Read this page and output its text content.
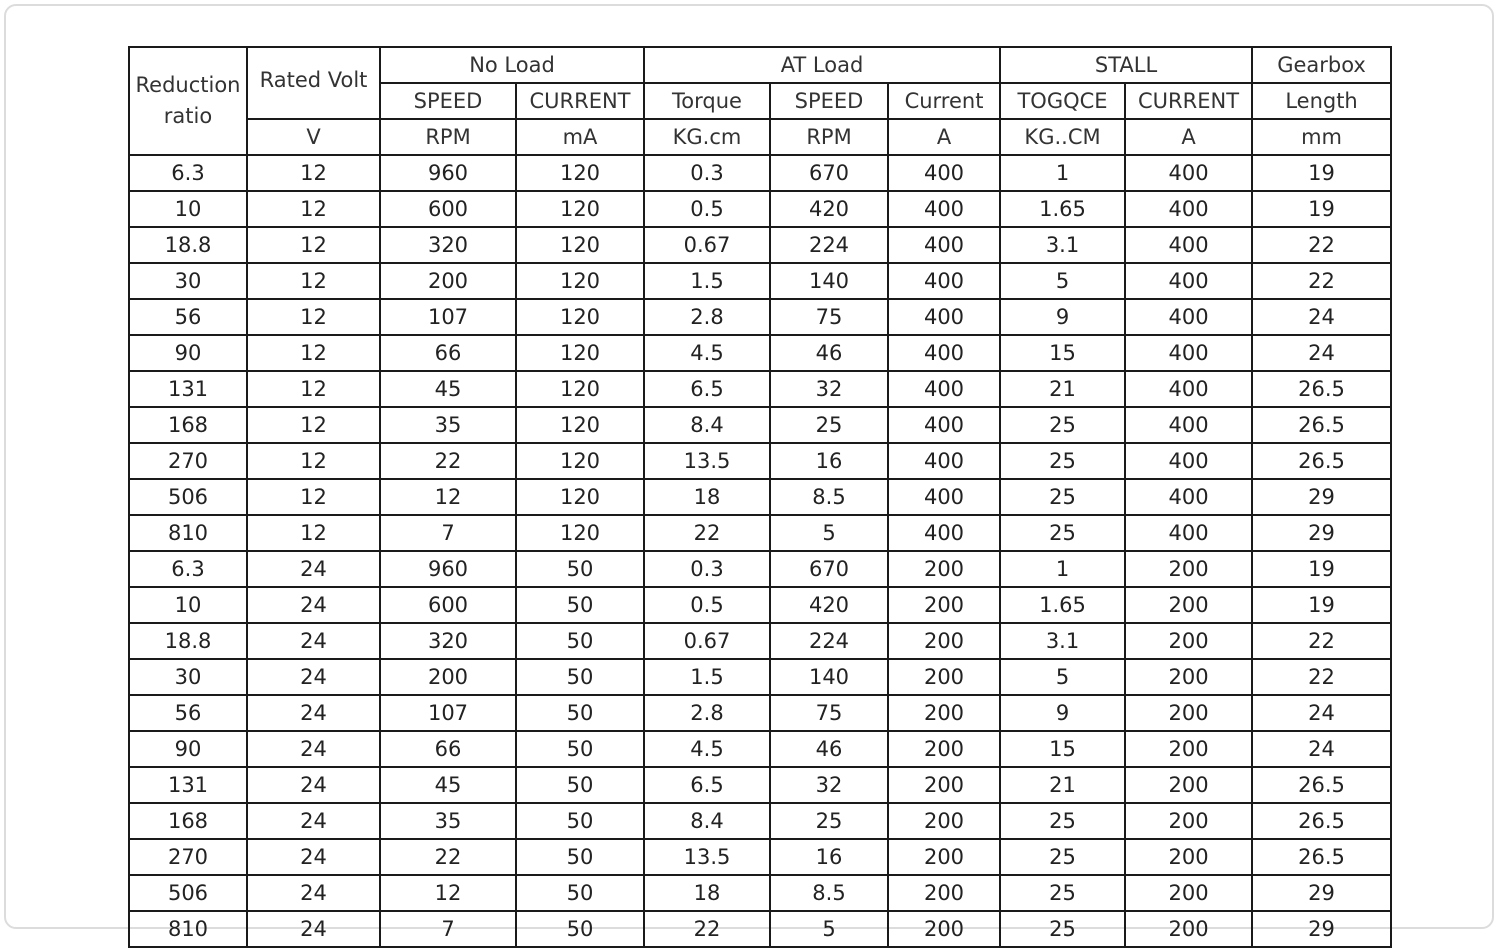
Reduction ratio	Rated Volt	No Load		AT Load			STALL		Gearbox
		SPEED	CURRENT	Torque	SPEED	Current	TOGQCE	CURRENT	Length
	V	RPM	mA	KG.cm	RPM	A	KG..CM	A	mm
6.3	12	960	120	0.3	670	400	1	400	19
10	12	600	120	0.5	420	400	1.65	400	19
18.8	12	320	120	0.67	224	400	3.1	400	22
30	12	200	120	1.5	140	400	5	400	22
56	12	107	120	2.8	75	400	9	400	24
90	12	66	120	4.5	46	400	15	400	24
131	12	45	120	6.5	32	400	21	400	26.5
168	12	35	120	8.4	25	400	25	400	26.5
270	12	22	120	13.5	16	400	25	400	26.5
506	12	12	120	18	8.5	400	25	400	29
810	12	7	120	22	5	400	25	400	29
6.3	24	960	50	0.3	670	200	1	200	19
10	24	600	50	0.5	420	200	1.65	200	19
18.8	24	320	50	0.67	224	200	3.1	200	22
30	24	200	50	1.5	140	200	5	200	22
56	24	107	50	2.8	75	200	9	200	24
90	24	66	50	4.5	46	200	15	200	24
131	24	45	50	6.5	32	200	21	200	26.5
168	24	35	50	8.4	25	200	25	200	26.5
270	24	22	50	13.5	16	200	25	200	26.5
506	24	12	50	18	8.5	200	25	200	29
810	24	7	50	22	5	200	25	200	29
